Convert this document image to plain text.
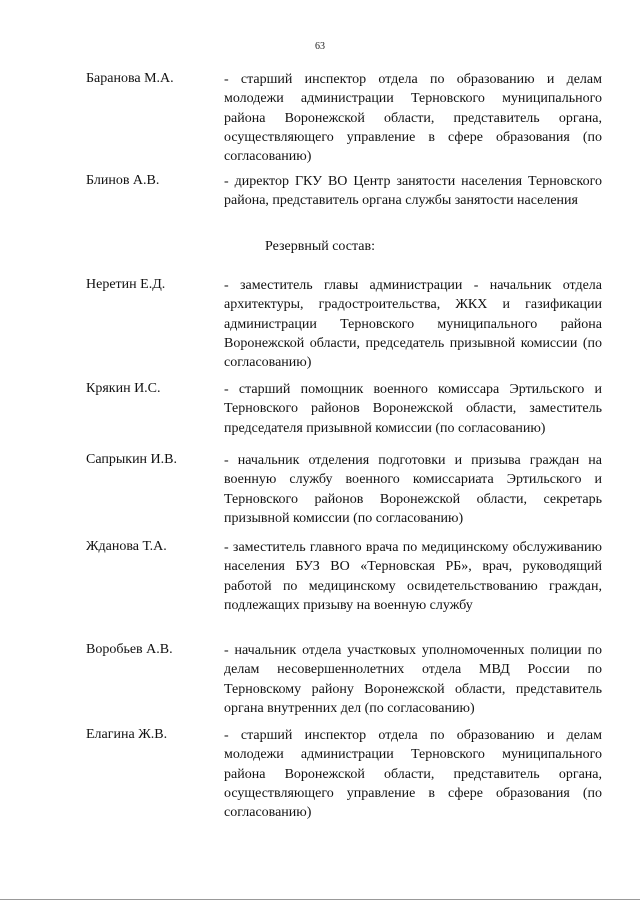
63
Баранова М.А.	- старший инспектор отдела по образованию и делам молодежи администрации Терновского муниципального района Воронежской области, представитель органа, осуществляющего управление в сфере образования (по согласованию)
Блинов А.В.	- директор ГКУ ВО Центр занятости населения Терновского района, представитель органа службы занятости населения
Резервный состав:
Неретин Е.Д.	- заместитель главы администрации - начальник отдела архитектуры, градостроительства, ЖКХ и газификации администрации Терновского муниципального района Воронежской области, председатель призывной комиссии (по согласованию)
Крякин И.С.	- старший помощник военного комиссара Эртильского и Терновского районов Воронежской области, заместитель председателя призывной комиссии (по согласованию)
Сапрыкин И.В.	- начальник отделения подготовки и призыва граждан на военную службу военного комиссариата Эртильского и Терновского районов Воронежской области, секретарь призывной комиссии (по согласованию)
Жданова Т.А.	- заместитель главного врача по медицинскому обслуживанию населения БУЗ ВО «Терновская РБ», врач, руководящий работой по медицинскому освидетельствованию граждан, подлежащих призыву на военную службу
Воробьев А.В.	- начальник отдела участковых уполномоченных полиции по делам несовершеннолетних отдела МВД России по Терновскому району Воронежской области, представитель органа внутренних дел (по согласованию)
Елагина Ж.В.	- старший инспектор отдела по образованию и делам молодежи администрации Терновского муниципального района Воронежской области, представитель органа, осуществляющего управление в сфере образования (по согласованию)
